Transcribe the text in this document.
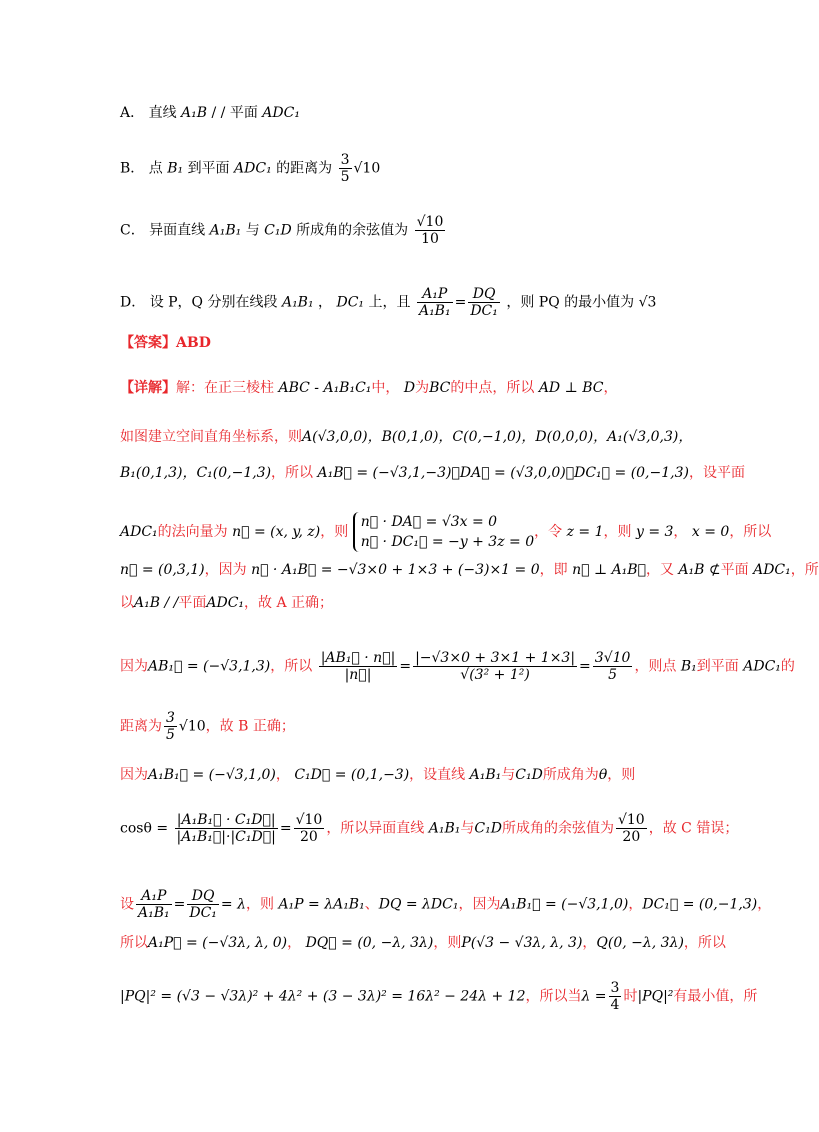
A． 直线 A₁B / / 平面 ADC₁
B． 点 B₁ 到平面 ADC₁ 的距离为 $\frac{3}{5} √10$
C． 异面直线 A₁B₁ 与 C₁D 所成角的余弦值为 $\frac{√10}{10}$
D． 设 P，Q 分别在线段 A₁B₁ ， DC₁ 上，且 $\frac{\text{A₁P}}{\text{A₁B₁}} = \frac{DQ}{\text{DC₁}}$ ，则 PQ 的最小值为 √3
【答案】ABD
【详解】解：在正三棱柱 ABC - A₁B₁C₁中， D为BC的中点，所以 AD ⊥ BC，
如图建立空间直角坐标系，则A(√3,0,0)，B(0,1,0)，C(0,−1,0)，D(0,0,0)，A₁(√3,0,3)，
B₁(0,1,3)，C₁(0,−1,3)，所以 A₁B⃗ = (−√3,1,−3)，DA⃗ = (√3,0,0)，DC₁⃗ = (0,−1,3)，设平面
ADC₁的法向量为 n⃗ = (x, y, z)，则
n⃗ · DA⃗ = √3x = 0
n⃗ · DC₁⃗ = −y + 3z = 0
，令 z = 1，则 y = 3， x = 0，所以
n⃗ = (0,3,1)，因为 n⃗ · A₁B⃗ = −√3×0 + 1×3 + (−3)×1 = 0，即 n⃗ ⊥ A₁B⃗，又 A₁B ⊄平面 ADC₁，所
以A₁B / /平面ADC₁，故 A 正确；
因为AB₁⃗ = (−√3,1,3)，所以 $\frac{\text{|AB₁⃗ · n⃗|}}{|n⃗|} = \frac{|-√3\times 0 + 3\times 1 + 1\times 3|}{\text{√(3² + 1²)}} = \frac{3√10}{5}$ ，则点 B₁到平面 ADC₁的
距离为 $\frac{3}{5} √10$，故 B 正确；
因为A₁B₁⃗ = (−√3,1,0)， C₁D⃗ = (0,1,−3)，设直线 A₁B₁与C₁D所成角为θ，则
$\cos\theta = \frac{\text{|A₁B₁⃗ · C₁D⃗|}}{\text{|A₁B₁⃗|·|C₁D⃗|}} = \frac{√10}{20}$ ，所以异面直线 A₁B₁与C₁D所成角的余弦值为 $\frac{√10}{20}$ ，故 C 错误；
设 $\frac{\text{A₁P}}{\text{A₁B₁}} = \frac{DQ}{\text{DC₁}} = \lambda$，则 A₁P = λA₁B₁、DQ = λDC₁，因为A₁B₁⃗ = (−√3,1,0)，DC₁⃗ = (0,−1,3)，
所以A₁P⃗ = (−√3λ, λ, 0)， DQ⃗ = (0, −λ, 3λ)，则P(√3 − √3λ, λ, 3)，Q(0, −λ, 3λ)，所以
|PQ|² = (√3 − √3λ)² + 4λ² + (3 − 3λ)² = 16λ² − 24λ + 12，所以当$\lambda = \frac{3}{4}$ 时|PQ|²有最小值，所
